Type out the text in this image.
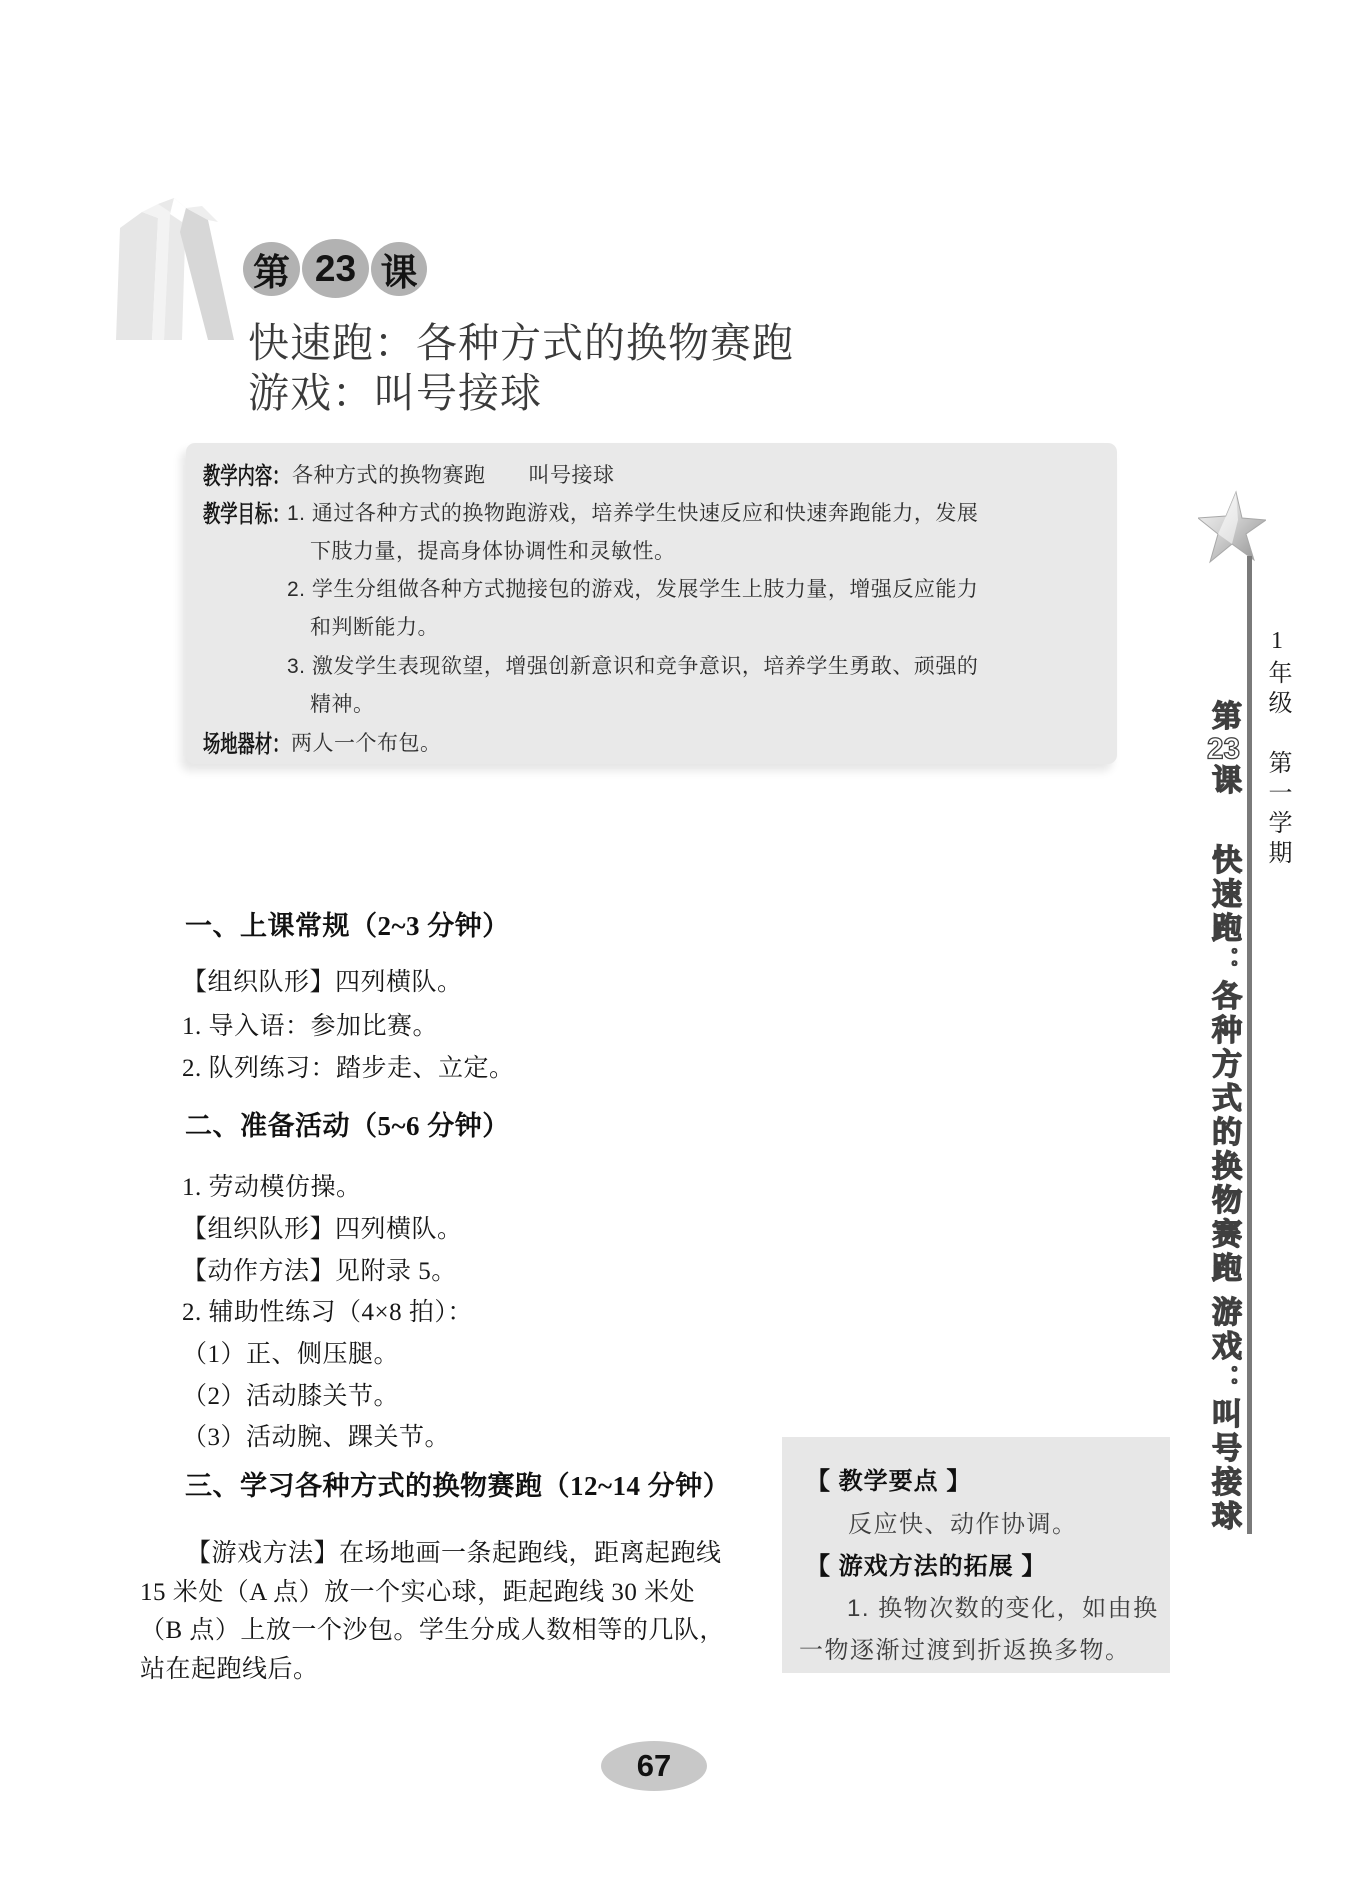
第 23 课
快速跑：各种方式的换物赛跑
游戏：叫号接球
教学内容： 各种方式的换物赛跑　　叫号接球
教学目标：
1. 通过各种方式的换物跑游戏，培养学生快速反应和快速奔跑能力，发展
下肢力量，提高身体协调性和灵敏性。
2. 学生分组做各种方式抛接包的游戏，发展学生上肢力量，增强反应能力
和判断能力。
3. 激发学生表现欲望，增强创新意识和竞争意识，培养学生勇敢、顽强的
精神。
场地器材： 两人一个布包。
一、上课常规（2~3 分钟）
【组织队形】四列横队。
1. 导入语：参加比赛。
2. 队列练习：踏步走、立定。
二、准备活动（5~6 分钟）
1. 劳动模仿操。
【组织队形】四列横队。
【动作方法】见附录 5。
2. 辅助性练习（4×8 拍）：
（1）正、侧压腿。
（2）活动膝关节。
（3）活动腕、踝关节。
三、学习各种方式的换物赛跑（12~14 分钟）
【游戏方法】在场地画一条起跑线，距离起跑线
15 米处（A 点）放一个实心球，距起跑线 30 米处
（B 点）上放一个沙包。学生分成人数相等的几队，
站在起跑线后。
【 教学要点 】
反应快、动作协调。
【 游戏方法的拓展 】
1. 换物次数的变化，如由换
一物逐渐过渡到折返换多物。
1年级　第一学期
第23课
快速跑：各种方式的换物赛跑
游戏：叫号接球
67
